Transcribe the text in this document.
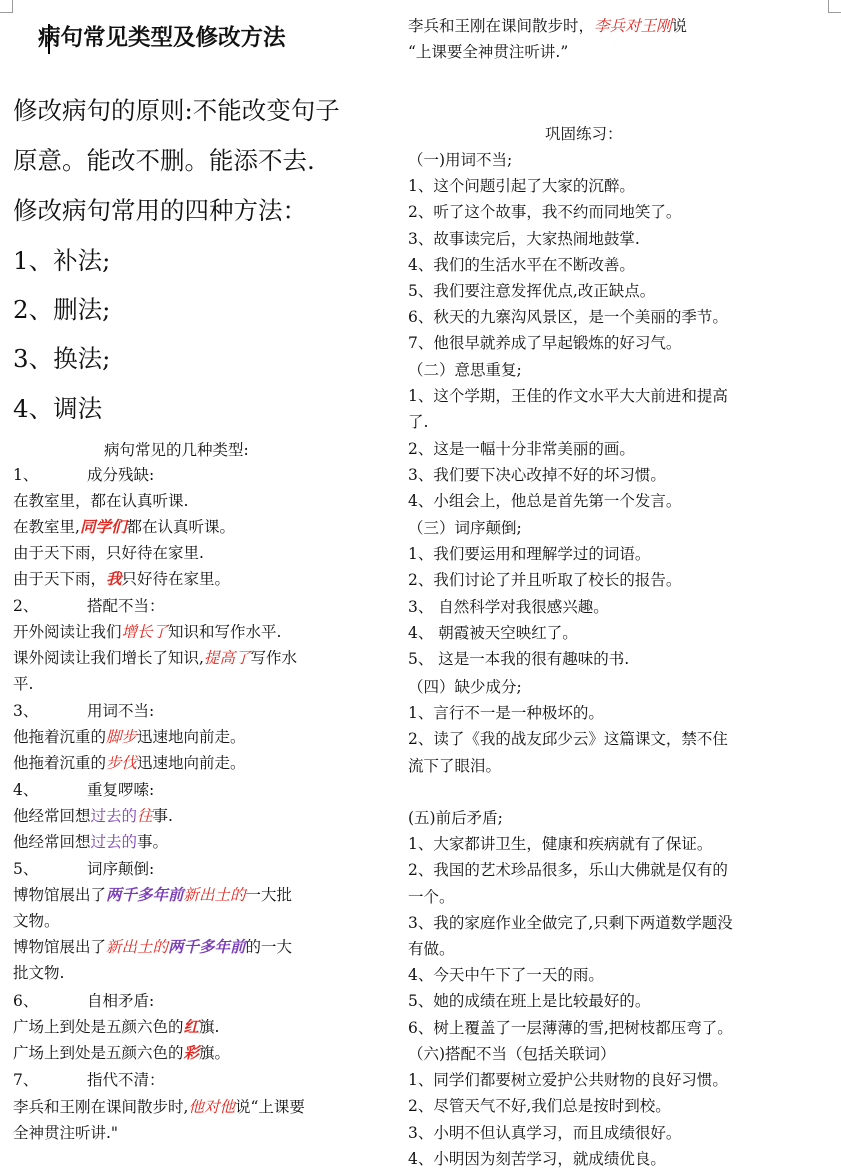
病句常见类型及修改方法
修改病句的原则:不能改变句子
原意。能改不删。能添不去.
修改病句常用的四种方法：
1、补法;
2、删法;
3、换法;
4、调法
病句常见的几种类型:
1、	成分残缺:
在教室里，都在认真听课.
在教室里,同学们都在认真听课。
由于天下雨，只好待在家里.
由于天下雨，我只好待在家里。
2、	搭配不当：
开外阅读让我们增长了知识和写作水平.
课外阅读让我们增长了知识,提高了写作水
平.
3、	用词不当:
他拖着沉重的脚步迅速地向前走。
他拖着沉重的步伐迅速地向前走。
4、	重复啰嗦:
他经常回想过去的往事.
他经常回想过去的事。
5、	词序颠倒:
博物馆展出了两千多年前新出土的一大批
文物。
博物馆展出了新出土的两千多年前的一大
批文物.
6、	自相矛盾:
广场上到处是五颜六色的红旗.
广场上到处是五颜六色的彩旗。
7、	指代不清：
李兵和王刚在课间散步时,他对他说“上课要
全神贯注听讲."
李兵和王刚在课间散步时，李兵对王刚说
“上课要全神贯注听讲.”
巩固练习：
（一)用词不当;
1、这个问题引起了大家的沉醉。
2、听了这个故事，我不约而同地笑了。
3、故事读完后，大家热闹地鼓掌.
4、我们的生活水平在不断改善。
5、我们要注意发挥优点,改正缺点。
6、秋天的九寨沟风景区，是一个美丽的季节。
7、他很早就养成了早起锻炼的好习气。
（二）意思重复;
1、这个学期，王佳的作文水平大大前进和提高
了.
2、这是一幅十分非常美丽的画。
3、我们要下决心改掉不好的坏习惯。
4、小组会上，他总是首先第一个发言。
（三）词序颠倒;
1、我们要运用和理解学过的词语。
2、我们讨论了并且听取了校长的报告。
3、 自然科学对我很感兴趣。
4、 朝霞被天空映红了。
5、 这是一本我的很有趣味的书.
（四）缺少成分;
1、言行不一是一种极坏的。
2、读了《我的战友邱少云》这篇课文，禁不住
流下了眼泪。
(五)前后矛盾;
1、大家都讲卫生，健康和疾病就有了保证。
2、我国的艺术珍品很多，乐山大佛就是仅有的
一个。
3、我的家庭作业全做完了,只剩下两道数学题没
有做。
4、今天中午下了一天的雨。
5、她的成绩在班上是比较最好的。
6、树上覆盖了一层薄薄的雪,把树枝都压弯了。
（六)搭配不当（包括关联词）
1、同学们都要树立爱护公共财物的良好习惯。
2、尽管天气不好,我们总是按时到校。
3、小明不但认真学习，而且成绩很好。
4、小明因为刻苦学习，就成绩优良。
